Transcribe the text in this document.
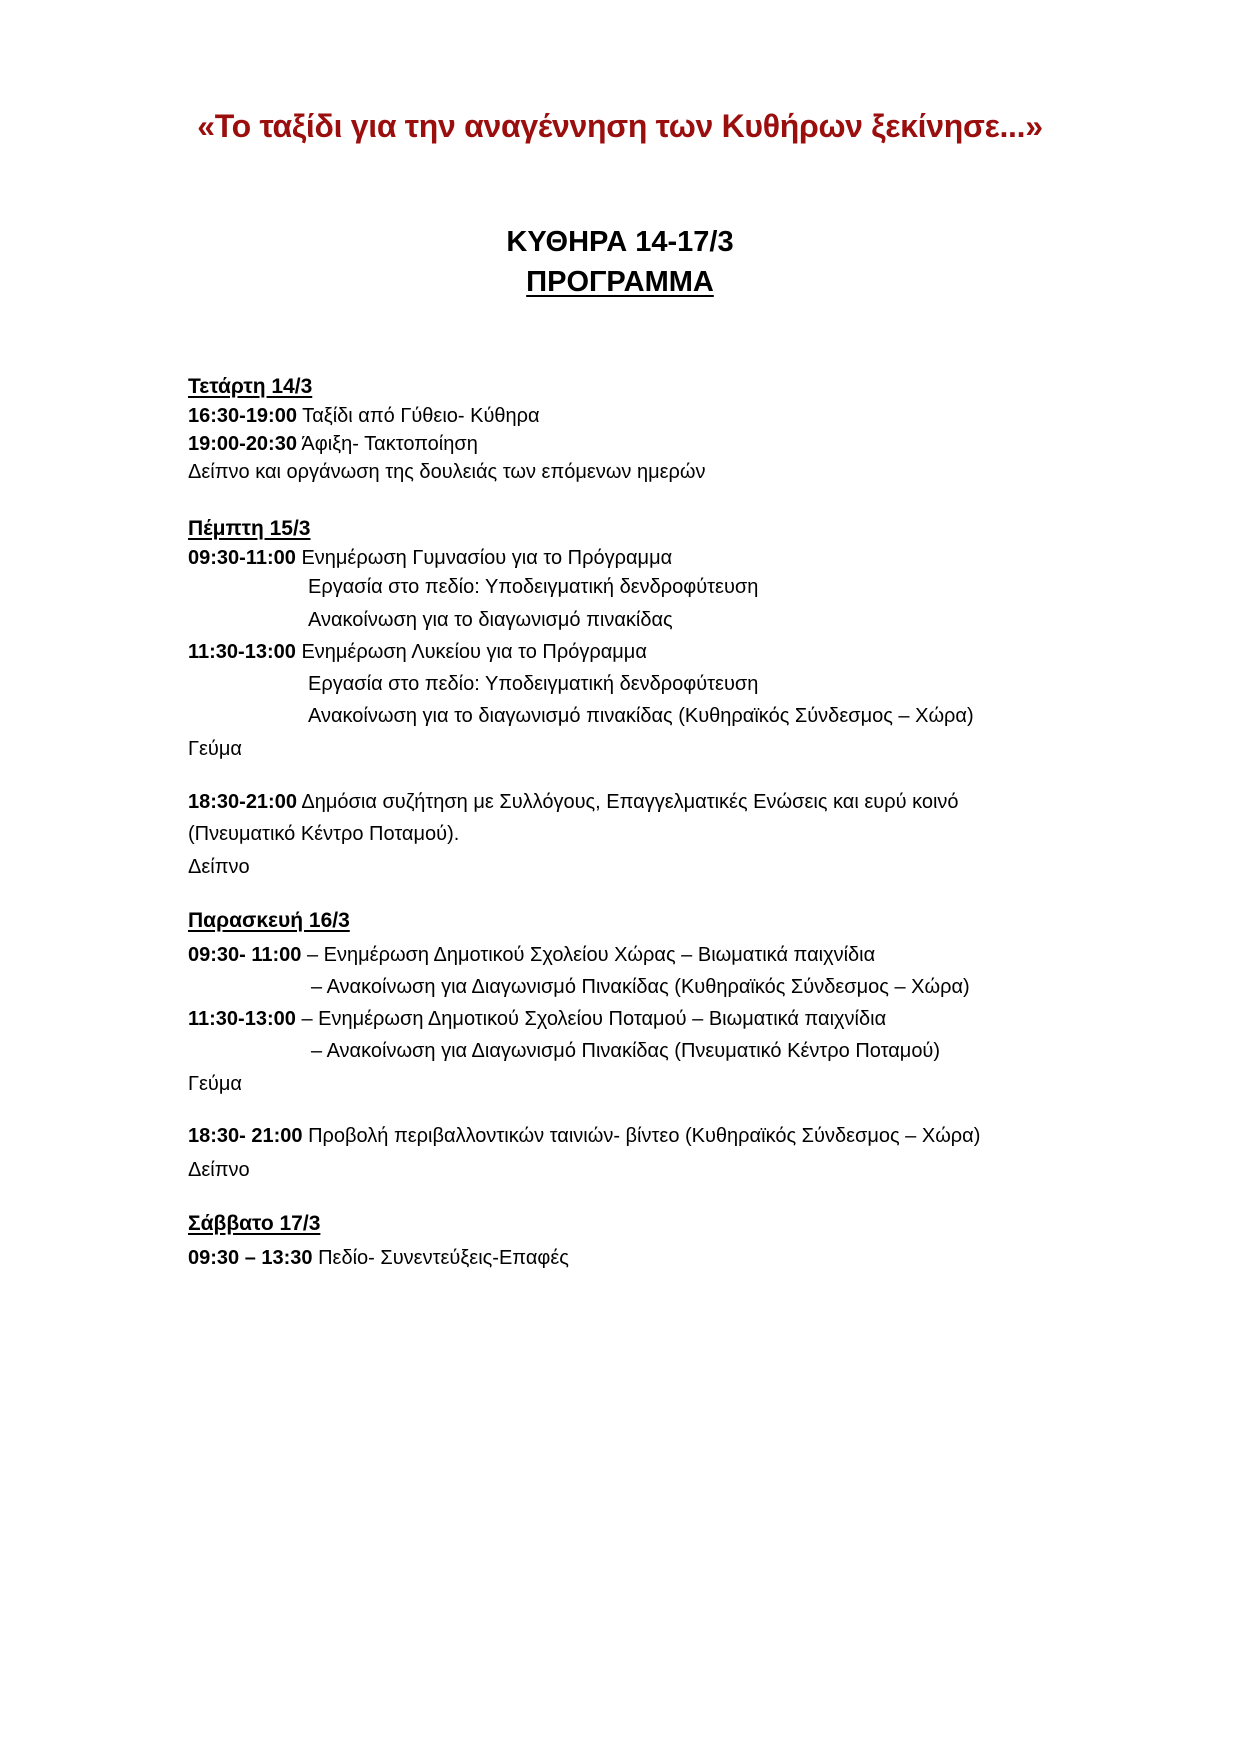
«Το ταξίδι για την αναγέννηση των Κυθήρων ξεκίνησε...»
ΚΥΘΗΡΑ 14-17/3
ΠΡΟΓΡΑΜΜΑ
Τετάρτη 14/3
16:30-19:00 Ταξίδι από Γύθειο- Κύθηρα
19:00-20:30 Άφιξη- Τακτοποίηση
Δείπνο και οργάνωση της δουλειάς των επόμενων ημερών
Πέμπτη 15/3
09:30-11:00 Ενημέρωση Γυμνασίου για το Πρόγραμμα
Εργασία στο πεδίο: Υποδειγματική δενδροφύτευση
Ανακοίνωση για το διαγωνισμό πινακίδας
11:30-13:00 Ενημέρωση Λυκείου για το Πρόγραμμα
Εργασία στο πεδίο: Υποδειγματική δενδροφύτευση
Ανακοίνωση για το διαγωνισμό πινακίδας (Κυθηραϊκός Σύνδεσμος – Χώρα)
Γεύμα
18:30-21:00 Δημόσια συζήτηση με Συλλόγους, Επαγγελματικές Ενώσεις και ευρύ κοινό
(Πνευματικό Κέντρο Ποταμού).
Δείπνο
Παρασκευή 16/3
09:30- 11:00 – Ενημέρωση Δημοτικού Σχολείου Χώρας – Βιωματικά παιχνίδια
– Ανακοίνωση για Διαγωνισμό Πινακίδας (Κυθηραϊκός Σύνδεσμος – Χώρα)
11:30-13:00 – Ενημέρωση Δημοτικού Σχολείου Ποταμού – Βιωματικά παιχνίδια
– Ανακοίνωση για Διαγωνισμό Πινακίδας (Πνευματικό Κέντρο Ποταμού)
Γεύμα
18:30- 21:00 Προβολή περιβαλλοντικών ταινιών- βίντεο (Κυθηραϊκός Σύνδεσμος – Χώρα)
Δείπνο
Σάββατο 17/3
09:30 – 13:30 Πεδίο- Συνεντεύξεις-Επαφές
